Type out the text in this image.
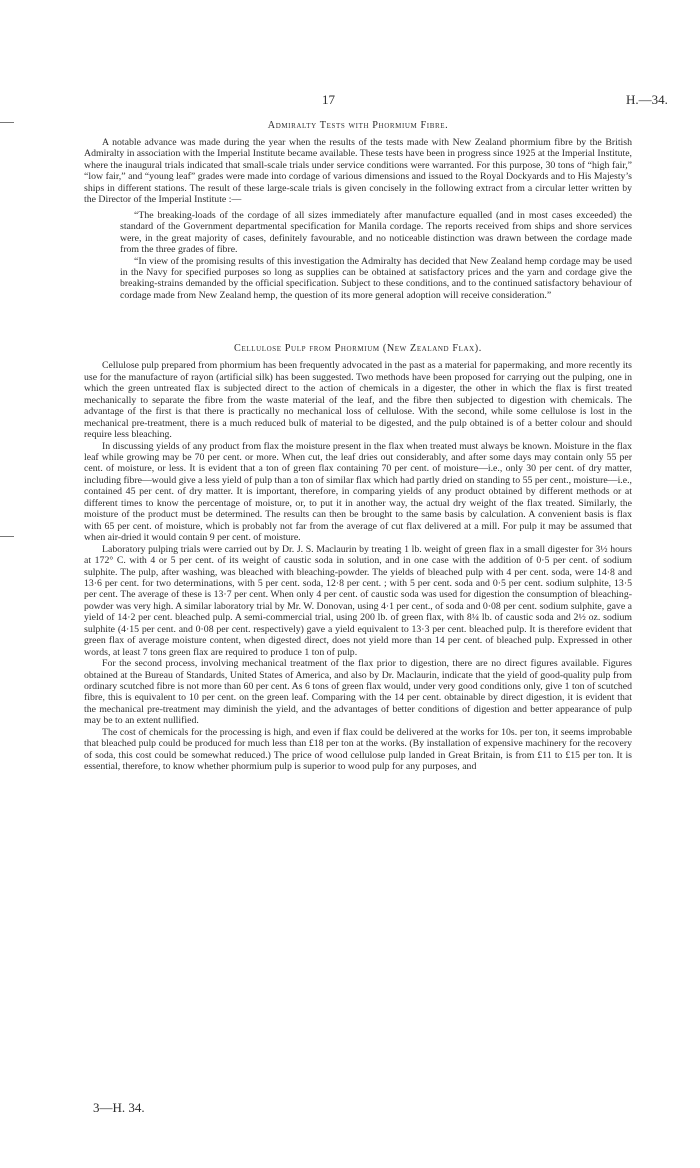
17	H.—34.
Admiralty Tests with Phormium Fibre.

A notable advance was made during the year when the results of the tests made with New Zealand phormium fibre by the British Admiralty in association with the Imperial Institute became available. These tests have been in progress since 1925 at the Imperial Institute, where the inaugural trials indicated that small-scale trials under service conditions were warranted. For this purpose, 30 tons of “high fair,” “low fair,” and “young leaf” grades were made into cordage of various dimensions and issued to the Royal Dockyards and to His Majesty’s ships in different stations. The result of these large-scale trials is given concisely in the following extract from a circular letter written by the Director of the Imperial Institute :—

“The breaking-loads of the cordage of all sizes immediately after manufacture equalled (and in most cases exceeded) the standard of the Government departmental specification for Manila cordage. The reports received from ships and shore services were, in the great majority of cases, definitely favourable, and no noticeable distinction was drawn between the cordage made from the three grades of fibre.

“In view of the promising results of this investigation the Admiralty has decided that New Zealand hemp cordage may be used in the Navy for specified purposes so long as supplies can be obtained at satisfactory prices and the yarn and cordage give the breaking-strains demanded by the official specification. Subject to these conditions, and to the continued satisfactory behaviour of cordage made from New Zealand hemp, the question of its more general adoption will receive consideration.”

Cellulose Pulp from Phormium (New Zealand Flax).

Cellulose pulp prepared from phormium has been frequently advocated in the past as a material for papermaking, and more recently its use for the manufacture of rayon (artificial silk) has been suggested. Two methods have been proposed for carrying out the pulping, one in which the green untreated flax is subjected direct to the action of chemicals in a digester, the other in which the flax is first treated mechanically to separate the fibre from the waste material of the leaf, and the fibre then subjected to digestion with chemicals. The advantage of the first is that there is practically no mechanical loss of cellulose. With the second, while some cellulose is lost in the mechanical pre-treatment, there is a much reduced bulk of material to be digested, and the pulp obtained is of a better colour and should require less bleaching.

In discussing yields of any product from flax the moisture present in the flax when treated must always be known. Moisture in the flax leaf while growing may be 70 per cent. or more. When cut, the leaf dries out considerably, and after some days may contain only 55 per cent. of moisture, or less. It is evident that a ton of green flax containing 70 per cent. of moisture—i.e., only 30 per cent. of dry matter, including fibre—would give a less yield of pulp than a ton of similar flax which had partly dried on standing to 55 per cent., moisture—i.e., contained 45 per cent. of dry matter. It is important, therefore, in comparing yields of any product obtained by different methods or at different times to know the percentage of moisture, or, to put it in another way, the actual dry weight of the flax treated. Similarly, the moisture of the product must be determined. The results can then be brought to the same basis by calculation. A convenient basis is flax with 65 per cent. of moisture, which is probably not far from the average of cut flax delivered at a mill. For pulp it may be assumed that when air-dried it would contain 9 per cent. of moisture.

Laboratory pulping trials were carried out by Dr. J. S. Maclaurin by treating 1 lb. weight of green flax in a small digester for 3½ hours at 172° C. with 4 or 5 per cent. of its weight of caustic soda in solution, and in one case with the addition of 0·5 per cent. of sodium sulphite. The pulp, after washing, was bleached with bleaching-powder. The yields of bleached pulp with 4 per cent. soda, were 14·8 and 13·6 per cent. for two determinations, with 5 per cent. soda, 12·8 per cent. ; with 5 per cent. soda and 0·5 per cent. sodium sulphite, 13·5 per cent. The average of these is 13·7 per cent. When only 4 per cent. of caustic soda was used for digestion the consumption of bleaching-powder was very high. A similar laboratory trial by Mr. W. Donovan, using 4·1 per cent., of soda and 0·08 per cent. sodium sulphite, gave a yield of 14·2 per cent. bleached pulp. A semi-commercial trial, using 200 lb. of green flax, with 8¼ lb. of caustic soda and 2½ oz. sodium sulphite (4·15 per cent. and 0·08 per cent. respectively) gave a yield equivalent to 13·3 per cent. bleached pulp. It is therefore evident that green flax of average moisture content, when digested direct, does not yield more than 14 per cent. of bleached pulp. Expressed in other words, at least 7 tons green flax are required to produce 1 ton of pulp.

For the second process, involving mechanical treatment of the flax prior to digestion, there are no direct figures available. Figures obtained at the Bureau of Standards, United States of America, and also by Dr. Maclaurin, indicate that the yield of good-quality pulp from ordinary scutched fibre is not more than 60 per cent. As 6 tons of green flax would, under very good conditions only, give 1 ton of scutched fibre, this is equivalent to 10 per cent. on the green leaf. Comparing with the 14 per cent. obtainable by direct digestion, it is evident that the mechanical pre-treatment may diminish the yield, and the advantages of better conditions of digestion and better appearance of pulp may be to an extent nullified.

The cost of chemicals for the processing is high, and even if flax could be delivered at the works for 10s. per ton, it seems improbable that bleached pulp could be produced for much less than £18 per ton at the works. (By installation of expensive machinery for the recovery of soda, this cost could be somewhat reduced.) The price of wood cellulose pulp landed in Great Britain, is from £11 to £15 per ton. It is essential, therefore, to know whether phormium pulp is superior to wood pulp for any purposes, and

3—H. 34.
